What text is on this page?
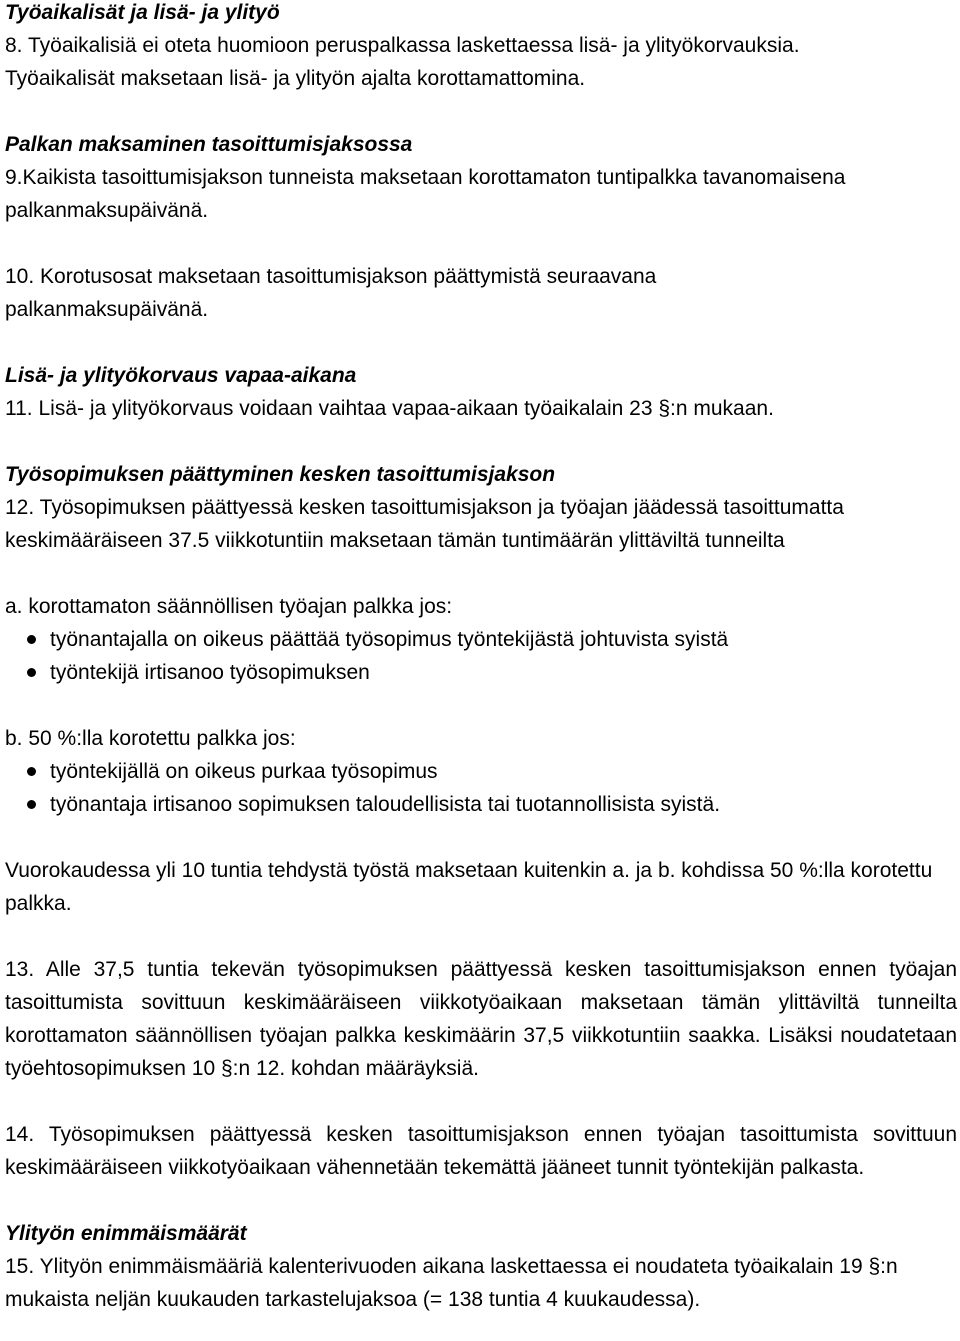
Työaikalisät ja lisä- ja ylityö

8. Työaikalisiä ei oteta huomioon peruspalkassa laskettaessa lisä- ja ylityökorvauksia.

Työaikalisät maksetaan lisä- ja ylityön ajalta korottamattomina.

Palkan maksaminen tasoittumisjaksossa

9.Kaikista tasoittumisjakson tunneista maksetaan korottamaton tuntipalkka tavanomaisena palkanmaksupäivänä.

10. Korotusosat maksetaan tasoittumisjakson päättymistä seuraavana palkanmaksupäivänä.

Lisä- ja ylityökorvaus vapaa-aikana

11. Lisä- ja ylityökorvaus voidaan vaihtaa vapaa-aikaan työaikalain 23 §:n mukaan.

Työsopimuksen päättyminen kesken tasoittumisjakson

12. Työsopimuksen päättyessä kesken tasoittumisjakson ja työajan jäädessä tasoittumatta keskimääräiseen 37.5 viikkotuntiin maksetaan tämän tuntimäärän ylittäviltä tunneilta

a. korottamaton säännöllisen työajan palkka jos:

työnantajalla on oikeus päättää työsopimus työntekijästä johtuvista syistä
työntekijä irtisanoo työsopimuksen

b. 50 %:lla korotettu palkka jos:

työntekijällä on oikeus purkaa työsopimus
työnantaja irtisanoo sopimuksen taloudellisista tai tuotannollisista syistä.

Vuorokaudessa yli 10 tuntia tehdystä työstä maksetaan kuitenkin a. ja b. kohdissa 50 %:lla korotettu palkka.

13. Alle 37,5 tuntia tekevän työsopimuksen päättyessä kesken tasoittumisjakson ennen työajan tasoittumista sovittuun keskimääräiseen viikkotyöaikaan maksetaan tämän ylittäviltä tunneilta korottamaton säännöllisen työajan palkka keskimäärin 37,5 viikkotuntiin saakka. Lisäksi noudatetaan työehtosopimuksen 10 §:n 12. kohdan määräyksiä.

14. Työsopimuksen päättyessä kesken tasoittumisjakson ennen työajan tasoittumista sovittuun keskimääräiseen viikkotyöaikaan vähennetään tekemättä jääneet tunnit työntekijän palkasta.

Ylityön enimmäismäärät

15. Ylityön enimmäismääriä kalenterivuoden aikana laskettaessa ei noudateta työaikalain 19 §:n mukaista neljän kuukauden tarkastelujaksoa (= 138 tuntia 4 kuukaudessa).
